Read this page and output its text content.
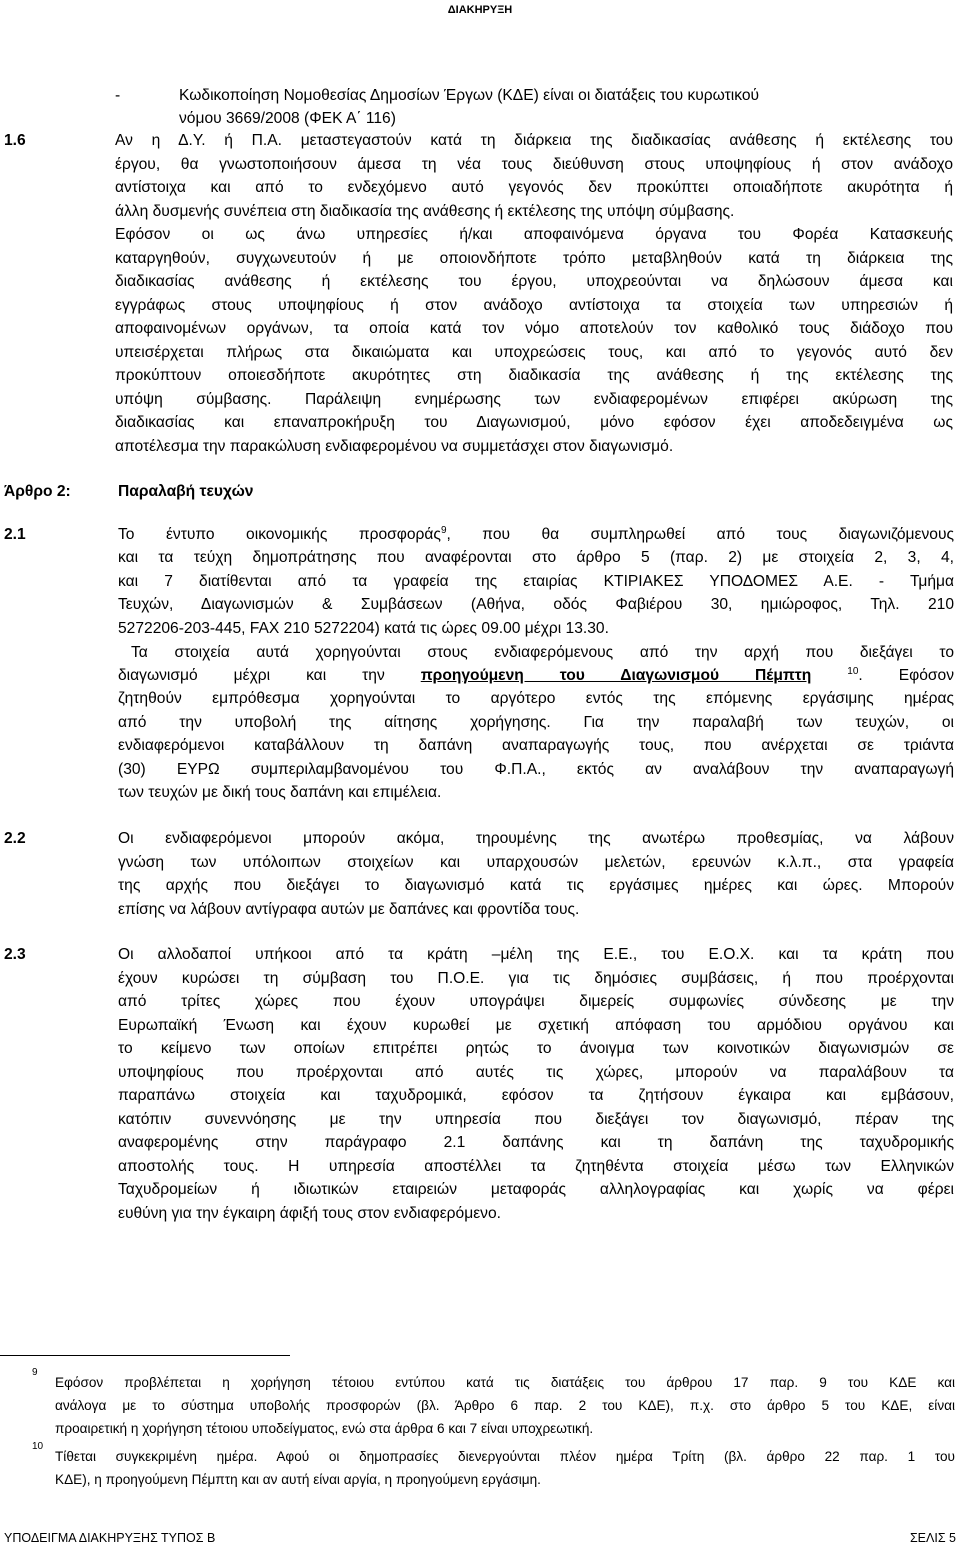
ΔΙΑΚΗΡΥΞΗ
-	Κωδικοποίηση Νομοθεσίας Δημοσίων Έργων (ΚΔΕ) είναι οι διατάξεις του κυρωτικού
νόμου 3669/2008 (ΦΕΚ Α΄ 116)
1.6	Αν η Δ.Υ. ή Π.Α. μεταστεγαστούν κατά τη διάρκεια της διαδικασίας ανάθεσης ή εκτέλεσης του
έργου, θα γνωστοποιήσουν άμεσα τη νέα τους διεύθυνση στους υποψηφίους ή στον ανάδοχο
αντίστοιχα και από το ενδεχόμενο αυτό γεγονός δεν προκύπτει οποιαδήποτε ακυρότητα ή
άλλη δυσμενής συνέπεια στη διαδικασία της ανάθεσης ή εκτέλεσης της υπόψη σύμβασης.
Εφόσον οι ως άνω υπηρεσίες ή/και αποφαινόμενα όργανα του Φορέα Κατασκευής
καταργηθούν, συγχωνευτούν ή με οποιονδήποτε τρόπο μεταβληθούν κατά τη διάρκεια της
διαδικασίας ανάθεσης ή εκτέλεσης του έργου, υποχρεούνται να δηλώσουν άμεσα και
εγγράφως στους υποψηφίους ή στον ανάδοχο αντίστοιχα τα στοιχεία των υπηρεσιών ή
αποφαινομένων οργάνων, τα οποία κατά τον νόμο αποτελούν τον καθολικό τους διάδοχο που
υπεισέρχεται πλήρως στα δικαιώματα και υποχρεώσεις τους, και από το γεγονός αυτό δεν
προκύπτουν οποιεσδήποτε ακυρότητες στη διαδικασία της ανάθεσης ή της εκτέλεσης της
υπόψη σύμβασης. Παράλειψη ενημέρωσης των ενδιαφερομένων επιφέρει ακύρωση της
διαδικασίας και επαναπροκήρυξη του Διαγωνισμού, μόνο εφόσον έχει αποδεδειγμένα ως
αποτέλεσμα την παρακώλυση ενδιαφερομένου να συμμετάσχει στον διαγωνισμό.
Άρθρο 2:	Παραλαβή τευχών
2.1	Το έντυπο οικονομικής προσφοράς$^9$, που θα συμπληρωθεί από τους διαγωνιζόμενους
και τα τεύχη δημοπράτησης που αναφέρονται στο άρθρο 5 (παρ. 2) με στοιχεία 2, 3, 4,
και 7 διατίθενται από τα γραφεία της εταιρίας ΚΤΙΡΙΑΚΕΣ ΥΠΟΔΟΜΕΣ Α.Ε. - Τμήμα
Τευχών, Διαγωνισμών & Συμβάσεων (Αθήνα, οδός Φαβιέρου 30, ημιώροφος, Τηλ. 210
5272206-203-445, FAX 210 5272204) κατά τις ώρες 09.00 μέχρι 13.30.
Τα στοιχεία αυτά χορηγούνται στους ενδιαφερόμενους από την αρχή που διεξάγει το
διαγωνισμό μέχρι και την προηγούμενη του Διαγωνισμού Πέμπτη	$^{10}$. Εφόσον
ζητηθούν εμπρόθεσμα χορηγούνται το αργότερο εντός της επόμενης εργάσιμης ημέρας
από την υποβολή της αίτησης χορήγησης. Για την παραλαβή των τευχών, οι
ενδιαφερόμενοι καταβάλλουν τη δαπάνη αναπαραγωγής τους, που ανέρχεται σε τριάντα
(30) ΕΥΡΩ συμπεριλαμβανομένου του Φ.Π.Α., εκτός αν αναλάβουν την αναπαραγωγή
των τευχών με δική τους δαπάνη και επιμέλεια.
2.2	Οι ενδιαφερόμενοι μπορούν ακόμα, τηρουμένης της ανωτέρω προθεσμίας, να λάβουν
γνώση των υπόλοιπων στοιχείων και υπαρχουσών μελετών, ερευνών κ.λ.π., στα γραφεία
της αρχής που διεξάγει το διαγωνισμό κατά τις εργάσιμες ημέρες και ώρες. Μπορούν
επίσης να λάβουν αντίγραφα αυτών με δαπάνες και φροντίδα τους.
2.3	Οι αλλοδαποί υπήκοοι από τα κράτη –μέλη της Ε.Ε., του Ε.Ο.Χ. και τα κράτη που
έχουν κυρώσει τη σύμβαση του Π.Ο.Ε. για τις δημόσιες συμβάσεις, ή που προέρχονται
από τρίτες χώρες που έχουν υπογράψει διμερείς συμφωνίες σύνδεσης με την
Ευρωπαϊκή Ένωση και έχουν κυρωθεί με σχετική απόφαση του αρμόδιου οργάνου και
το κείμενο των οποίων επιτρέπει ρητώς το άνοιγμα των κοινοτικών διαγωνισμών σε
υποψηφίους που προέρχονται από αυτές τις χώρες, μπορούν να παραλάβουν τα
παραπάνω στοιχεία και ταχυδρομικά, εφόσον τα ζητήσουν έγκαιρα και εμβάσουν,
κατόπιν συνεννόησης με την υπηρεσία που διεξάγει τον διαγωνισμό, πέραν της
αναφερομένης στην παράγραφο 2.1 δαπάνης και τη δαπάνη της ταχυδρομικής
αποστολής τους. Η υπηρεσία αποστέλλει τα ζητηθέντα στοιχεία μέσω των Ελληνικών
Ταχυδρομείων ή ιδιωτικών εταιρειών μεταφοράς αλληλογραφίας και χωρίς να φέρει
ευθύνη για την έγκαιρη άφιξή τους στον ενδιαφερόμενο.
9
Εφόσον προβλέπεται η χορήγηση τέτοιου εντύπου κατά τις διατάξεις του άρθρου 17 παρ. 9 του ΚΔΕ και
ανάλογα με το σύστημα υποβολής προσφορών (βλ. Άρθρο 6 παρ. 2 του ΚΔΕ), π.χ. στο άρθρο 5 του ΚΔΕ, είναι
προαιρετική η χορήγηση τέτοιου υποδείγματος, ενώ στα άρθρα 6 και 7 είναι υποχρεωτική.
10
Τίθεται συγκεκριμένη ημέρα. Αφού οι δημοπρασίες διενεργούνται πλέον ημέρα Τρίτη (βλ. άρθρο 22 παρ. 1 του
ΚΔΕ), η προηγούμενη Πέμπτη και αν αυτή είναι αργία, η προηγούμενη εργάσιμη.
ΥΠΟΔΕΙΓΜΑ ΔΙΑΚΗΡΥΞΗΣ ΤΥΠΟΣ Β	ΣΕΛΙΣ 5
